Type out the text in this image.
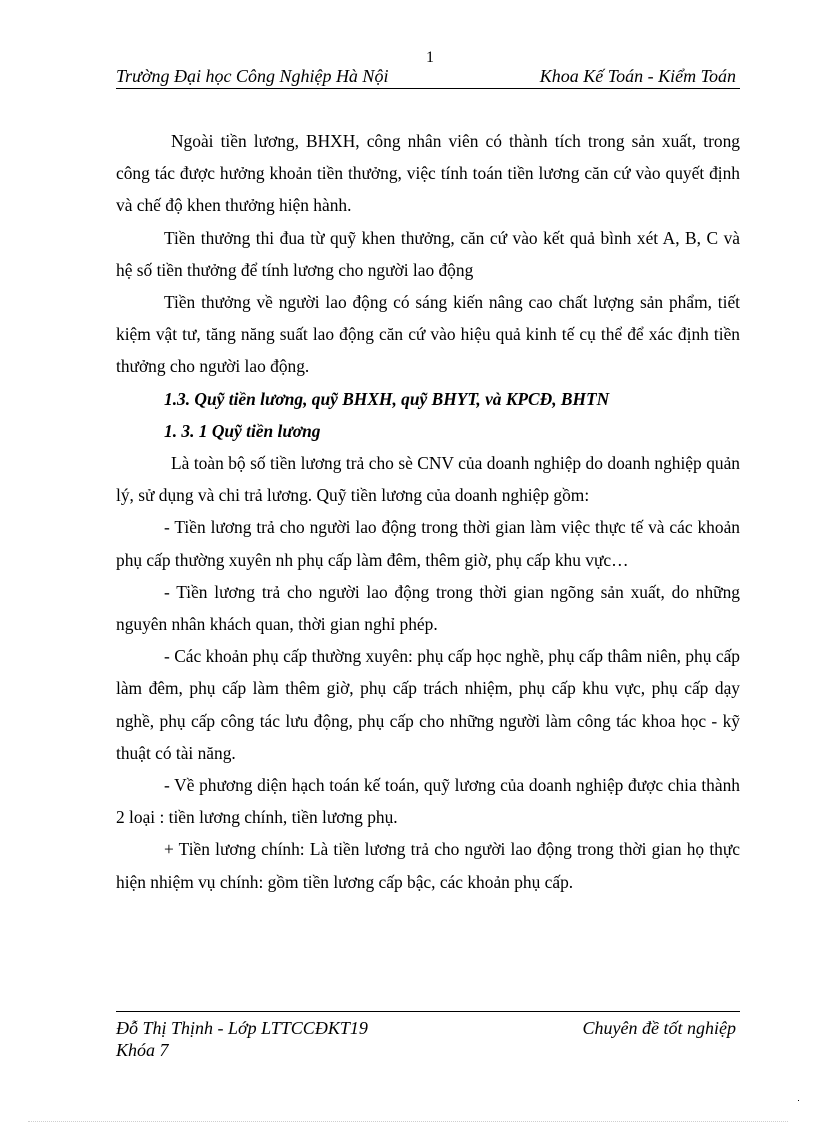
1
Trường Đại học Công Nghiệp Hà Nội	Khoa Kế Toán - Kiểm Toán

Ngoài tiền lương, BHXH, công nhân viên có thành tích trong sản xuất, trong công tác được hưởng khoản tiền thưởng, việc tính toán tiền lương căn cứ vào quyết định và chế độ khen thưởng hiện hành.

Tiền thưởng thi đua từ quỹ khen thưởng, căn cứ vào kết quả bình xét A, B, C và hệ số tiền thưởng để tính lương cho người lao động

Tiền thưởng về người lao động có sáng kiến nâng cao chất lượng sản phẩm, tiết kiệm vật tư, tăng năng suất lao động căn cứ vào hiệu quả kinh tế cụ thể để xác định tiền thưởng cho người lao động.

1.3. Quỹ tiền lương, quỹ BHXH, quỹ BHYT, và KPCĐ, BHTN

1. 3. 1 Quỹ tiền lương

Là toàn bộ số tiền lương trả cho sè CNV của doanh nghiệp do doanh nghiệp quản lý, sử dụng và chi trả lương. Quỹ tiền lương của doanh nghiệp gồm:

- Tiền lương trả cho người lao động trong thời gian làm việc thực tế và các khoản phụ cấp thường xuyên nh phụ cấp làm đêm, thêm giờ, phụ cấp khu vực…

- Tiền lương trả cho người lao động trong thời gian ngõng sản xuất, do những nguyên nhân khách quan, thời gian nghỉ phép.

- Các khoản phụ cấp thường xuyên: phụ cấp học nghề, phụ cấp thâm niên, phụ cấp làm đêm, phụ cấp làm thêm giờ, phụ cấp trách nhiệm, phụ cấp khu vực, phụ cấp dạy nghề, phụ cấp công tác lưu động, phụ cấp cho những người làm công tác khoa học - kỹ thuật có tài năng.

- Về phương diện hạch toán kế toán, quỹ lương của doanh nghiệp được chia thành 2 loại : tiền lương chính, tiền lương phụ.

+ Tiền lương chính: Là tiền lương trả cho người lao động trong thời gian họ thực hiện nhiệm vụ chính: gồm tiền lương cấp bậc, các khoản phụ cấp.

Đỗ Thị Thịnh - Lớp LTTCCĐKT19
Khóa 7
Chuyên đề tốt nghiệp
